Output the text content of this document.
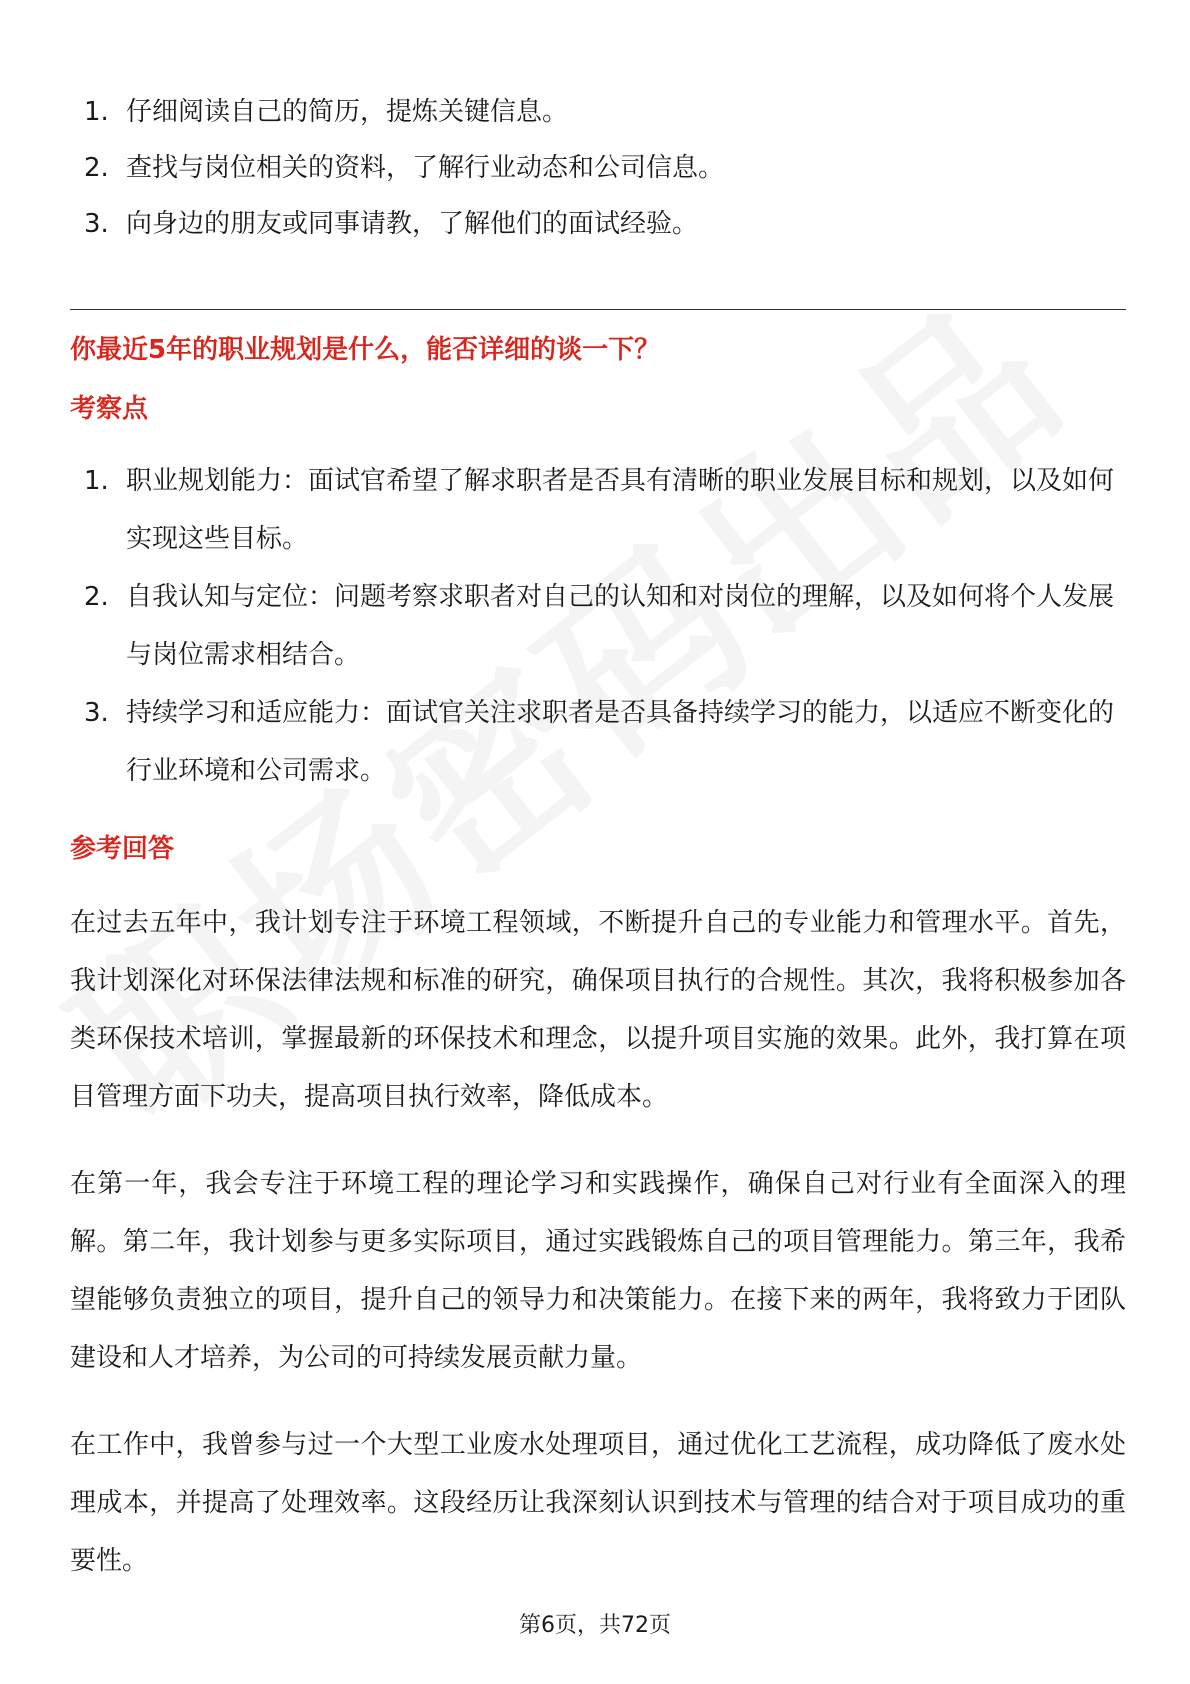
1. 仔细阅读自己的简历，提炼关键信息。
2. 查找与岗位相关的资料，了解行业动态和公司信息。
3. 向身边的朋友或同事请教，了解他们的面试经验。
你最近5年的职业规划是什么，能否详细的谈一下？
考察点
1. 职业规划能力：面试官希望了解求职者是否具有清晰的职业发展目标和规划，以及如何实现这些目标。
2. 自我认知与定位：问题考察求职者对自己的认知和对岗位的理解，以及如何将个人发展与岗位需求相结合。
3. 持续学习和适应能力：面试官关注求职者是否具备持续学习的能力，以适应不断变化的行业环境和公司需求。
参考回答

在过去五年中，我计划专注于环境工程领域，不断提升自己的专业能力和管理水平。首先，我计划深化对环保法律法规和标准的研究，确保项目执行的合规性。其次，我将积极参加各类环保技术培训，掌握最新的环保技术和理念，以提升项目实施的效果。此外，我打算在项目管理方面下功夫，提高项目执行效率，降低成本。

在第一年，我会专注于环境工程的理论学习和实践操作，确保自己对行业有全面深入的理解。第二年，我计划参与更多实际项目，通过实践锻炼自己的项目管理能力。第三年，我希望能够负责独立的项目，提升自己的领导力和决策能力。在接下来的两年，我将致力于团队建设和人才培养，为公司的可持续发展贡献力量。

在工作中，我曾参与过一个大型工业废水处理项目，通过优化工艺流程，成功降低了废水处理成本，并提高了处理效率。这段经历让我深刻认识到技术与管理的结合对于项目成功的重要性。

第6页，共72页
